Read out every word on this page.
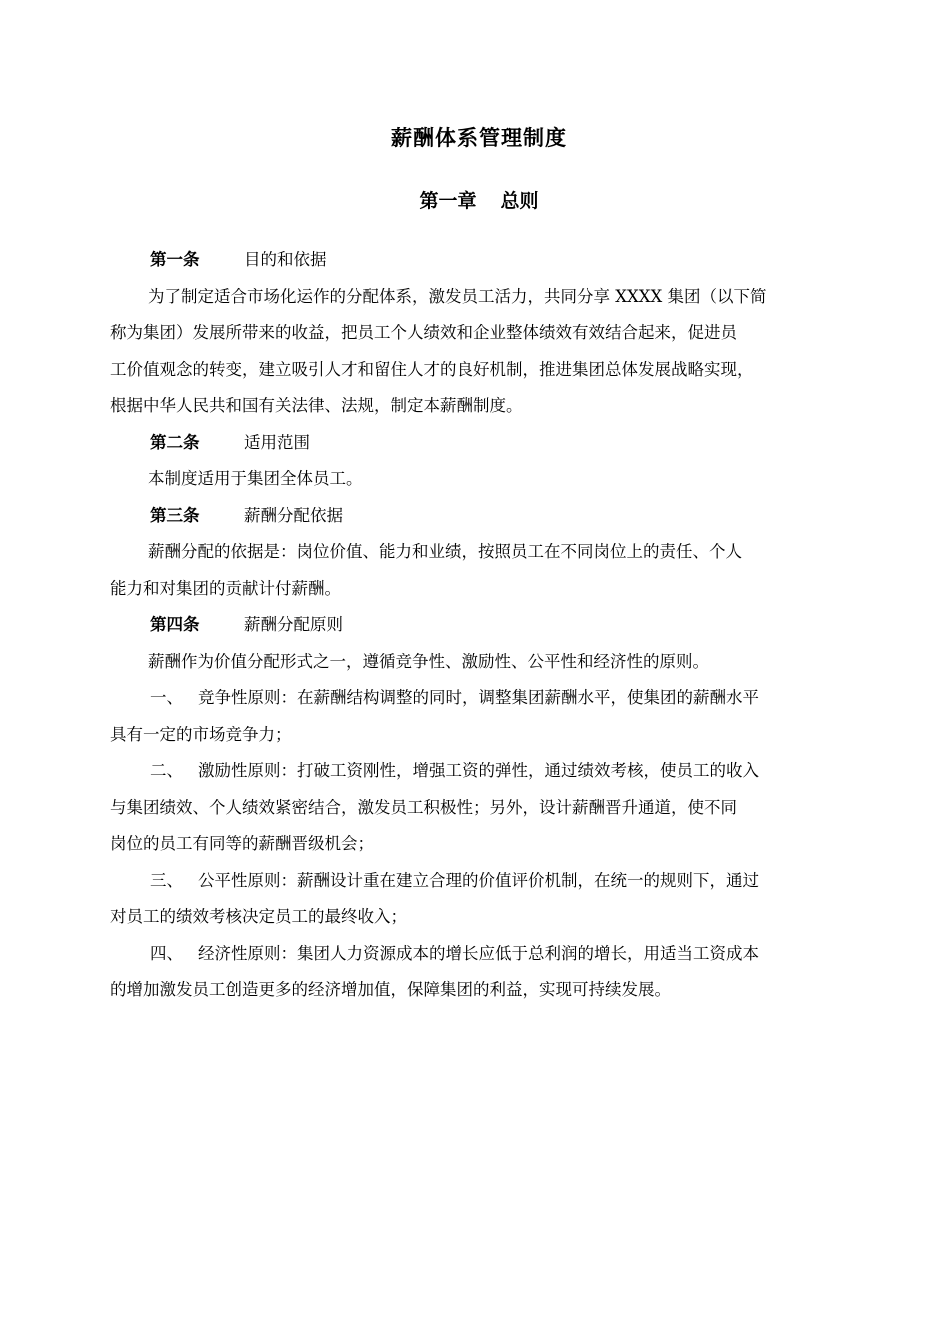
薪酬体系管理制度
第一章 总则
第一条	目的和依据
为了制定适合市场化运作的分配体系，激发员工活力，共同分享 XXXX 集团（以下简
称为集团）发展所带来的收益，把员工个人绩效和企业整体绩效有效结合起来，促进员
工价值观念的转变，建立吸引人才和留住人才的良好机制，推进集团总体发展战略实现，
根据中华人民共和国有关法律、法规，制定本薪酬制度。
第二条	适用范围
本制度适用于集团全体员工。
第三条	薪酬分配依据
薪酬分配的依据是：岗位价值、能力和业绩，按照员工在不同岗位上的责任、个人
能力和对集团的贡献计付薪酬。
第四条	薪酬分配原则
薪酬作为价值分配形式之一，遵循竞争性、激励性、公平性和经济性的原则。
一、 竞争性原则：在薪酬结构调整的同时，调整集团薪酬水平，使集团的薪酬水平
具有一定的市场竞争力；
二、 激励性原则：打破工资刚性，增强工资的弹性，通过绩效考核，使员工的收入
与集团绩效、个人绩效紧密结合，激发员工积极性；另外，设计薪酬晋升通道，使不同
岗位的员工有同等的薪酬晋级机会；
三、 公平性原则：薪酬设计重在建立合理的价值评价机制，在统一的规则下，通过
对员工的绩效考核决定员工的最终收入；
四、 经济性原则：集团人力资源成本的增长应低于总利润的增长，用适当工资成本
的增加激发员工创造更多的经济增加值，保障集团的利益，实现可持续发展。
